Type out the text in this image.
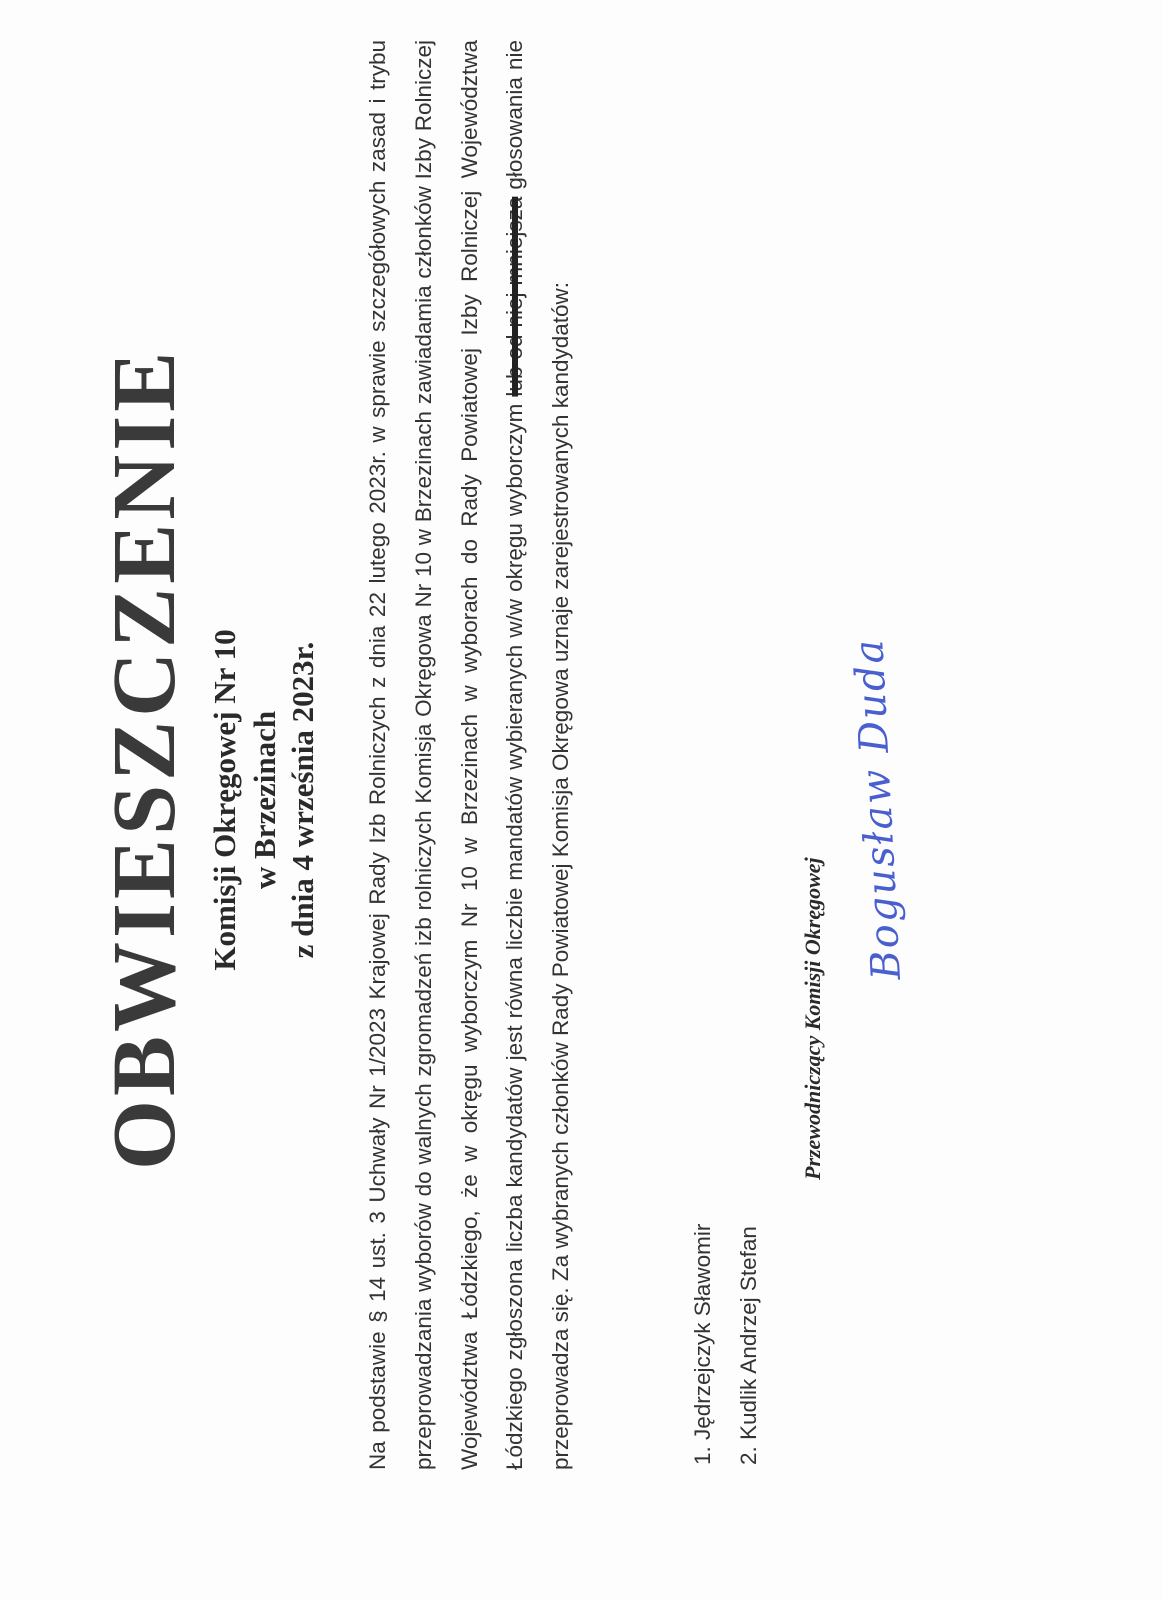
OBWIESZCZENIE Komisji Okręgowej Nr 10 w Brzezinach z dnia 4 września 2023r.	Na podstawie § 14 ust. 3 Uchwały Nr 1/2023 Krajowej Rady Izb Rolniczych z dnia 22 lutego 2023r. w sprawie szczegółowych zasad i trybu przeprowadzania wyborów do walnych zgromadzeń izb rolniczych Komisja Okręgowa Nr 10 w Brzezinach zawiadamia członków Izby Rolniczej Województwa Łódzkiego, że w okręgu wyborczym Nr 10 w Brzezinach w wyborach do Rady Powiatowej Izby Rolniczej Województwa Łódzkiego zgłoszona liczba kandydatów jest równa liczbie mandatów wybieranych w/w okręgu wyborczym lub od niej mniejsza głosowania nie przeprowadza się. Za wybranych członków Rady Powiatowej Komisja Okręgowa uznaje zarejestrowanych kandydatów:	1. Jędrzejczyk Sławomir 2. Kudlik Andrzej Stefan
Przewodniczący Komisji Okręgowej
Bogusław Duda
